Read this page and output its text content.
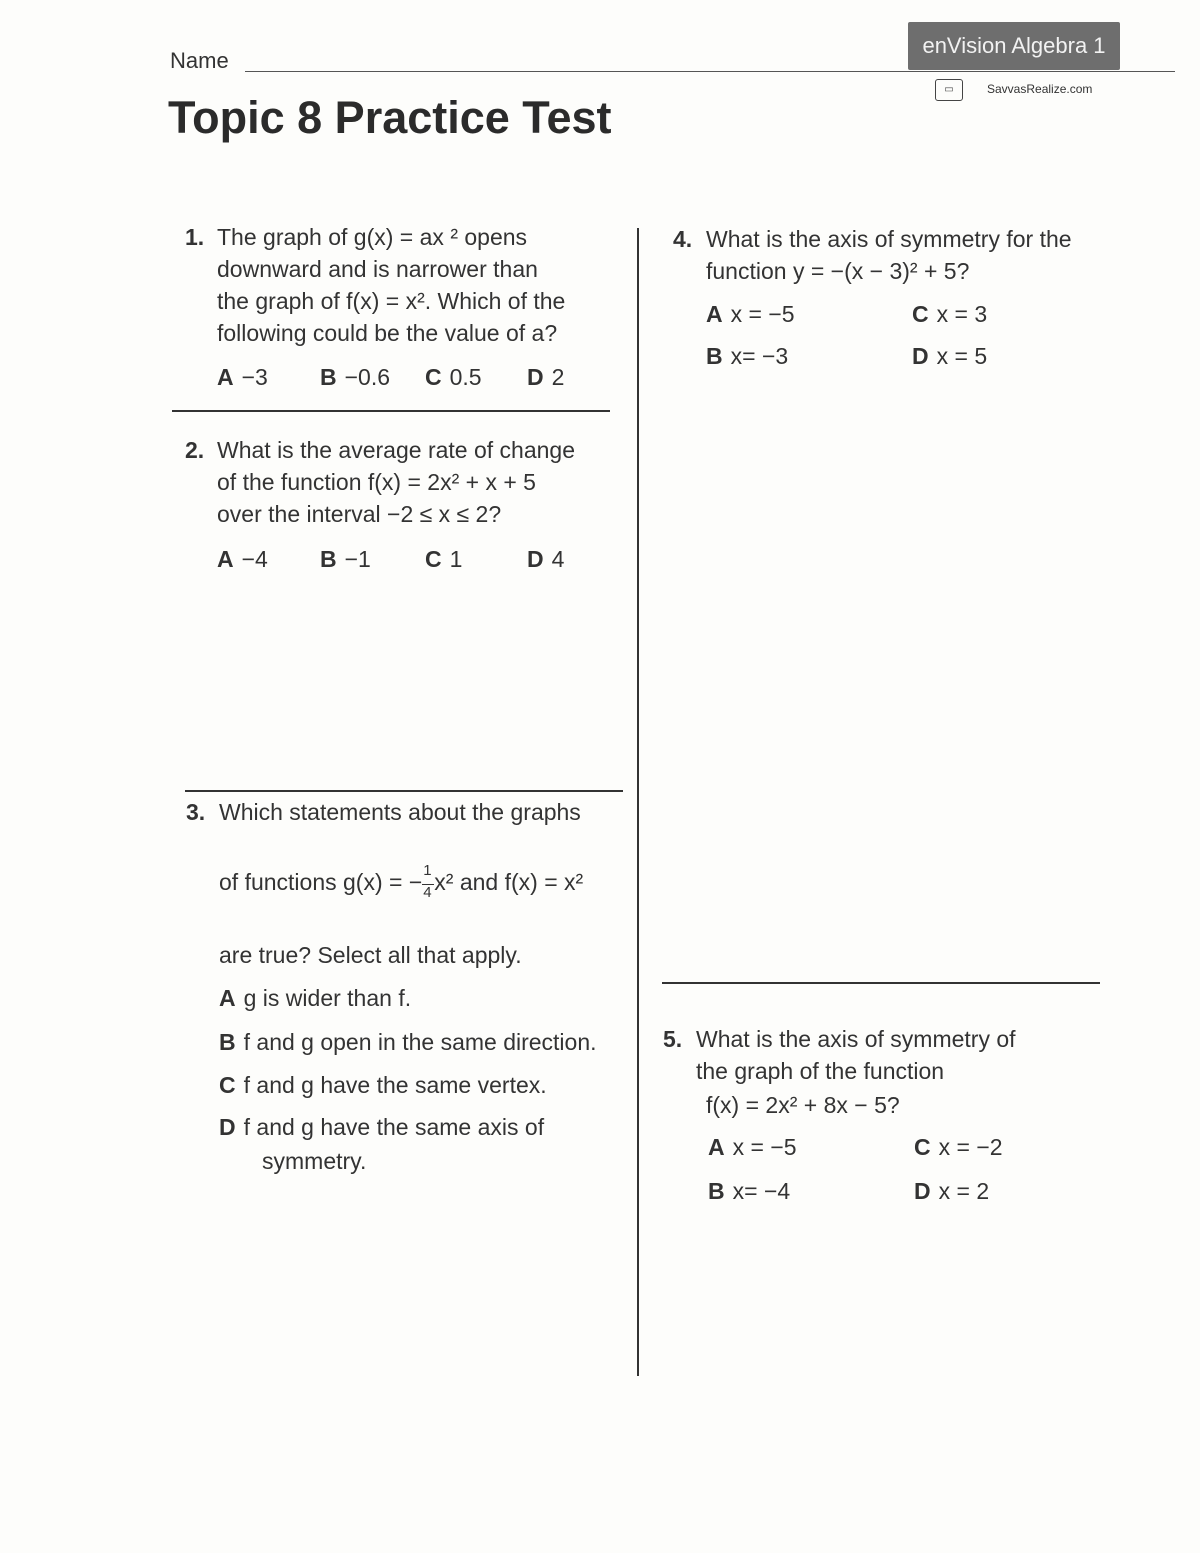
Name
Topic 8 Practice Test
enVision Algebra 1
▭	SavvasRealize.com
1. The graph of g(x) = ax ² opens
downward and is narrower than
the graph of f(x) = x². Which of the
following could be the value of a?
A −3 B −0.6 C 0.5 D 2
2. What is the average rate of change
of the function f(x) = 2x² + x + 5
over the interval −2 ≤ x ≤ 2?
A −4 B −1 C 1	D 4
3. Which statements about the graphs
of functions g(x) = − $\frac{1}{4} x^2$ and f(x) = x²
are true? Select all that apply.
A g is wider than f.
B f and g open in the same direction.
C f and g have the same vertex.
D f and g have the same axis of
symmetry.
4. What is the axis of symmetry for the
function y = −(x − 3)² + 5?
A x = −5
B x= −3
C x = 3
D x = 5
5. What is the axis of symmetry of
the graph of the function
f(x) = 2x² + 8x − 5?
A x = −5
B x= −4
C x = −2
D x = 2
